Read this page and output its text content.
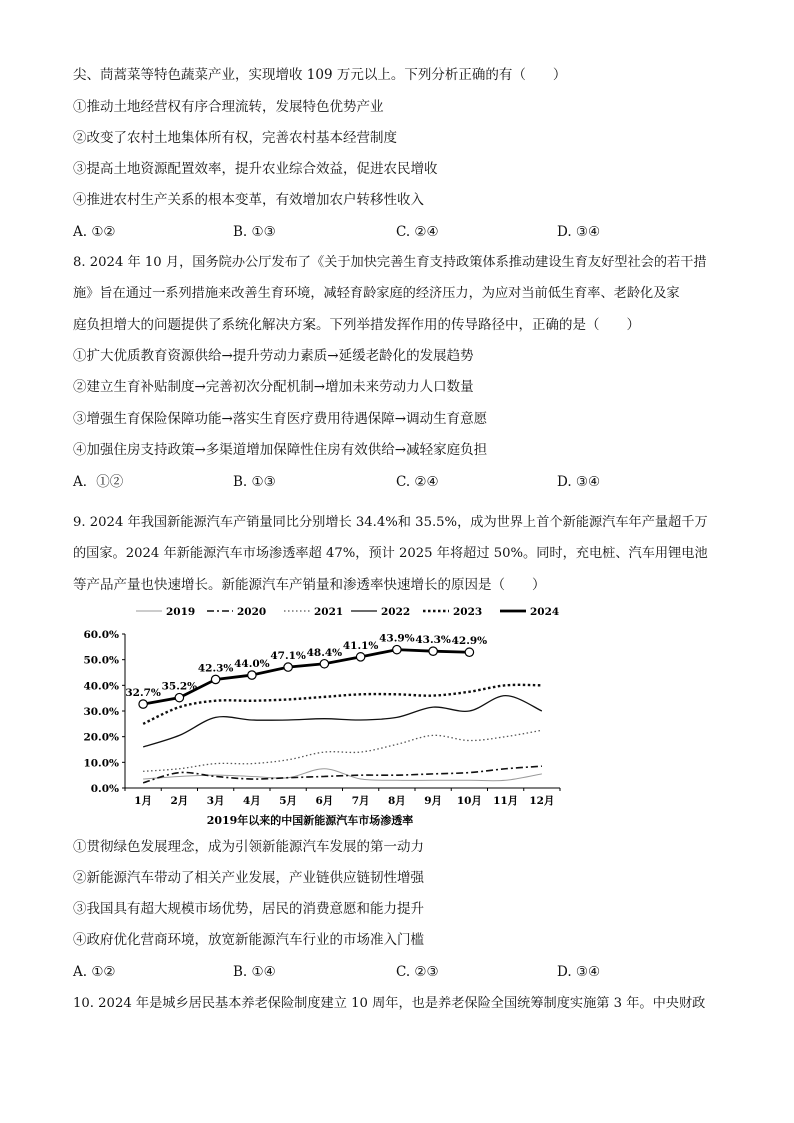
尖、茼蒿菜等特色蔬菜产业，实现增收 109 万元以上。下列分析正确的有（　　）
①推动土地经营权有序合理流转，发展特色优势产业
②改变了农村土地集体所有权，完善农村基本经营制度
③提高土地资源配置效率，提升农业综合效益，促进农民增收
④推进农村生产关系的根本变革，有效增加农户转移性收入
A. ①②	B. ①③	C. ②④	D. ③④
8. 2024 年 10 月，国务院办公厅发布了《关于加快完善生育支持政策体系推动建设生育友好型社会的若干措
施》旨在通过一系列措施来改善生育环境，减轻育龄家庭的经济压力，为应对当前低生育率、老龄化及家
庭负担增大的问题提供了系统化解决方案。下列举措发挥作用的传导路径中，正确的是（　　）
①扩大优质教育资源供给→提升劳动力素质→延缓老龄化的发展趋势
②建立生育补贴制度→完善初次分配机制→增加未来劳动力人口数量
③增强生育保险保障功能→落实生育医疗费用待遇保障→调动生育意愿
④加强住房支持政策→多渠道增加保障性住房有效供给→减轻家庭负担
A．①②	B. ①③	C. ②④	D. ③④
9. 2024 年我国新能源汽车产销量同比分别增长 34.4%和 35.5%，成为世界上首个新能源汽车年产量超千万
的国家。2024 年新能源汽车市场渗透率超 47%，预计 2025 年将超过 50%。同时，充电桩、汽车用锂电池
等产品产量也快速增长。新能源汽车产销量和渗透率快速增长的原因是（　　）
2019	2020	2021	2022	2023	2024
0.0%
10.0%
20.0%
30.0%
40.0%
50.0%
60.0%
1月 2月 3月 4月 5月 6月 7月 8月 9月 10月 11月 12月
32.7%
35.2%
42.3% 44.0%
47.1% 48.4%
41.1%
43.9% 43.3% 42.9%
2019年以来的中国新能源汽车市场渗透率
①贯彻绿色发展理念，成为引领新能源汽车发展的第一动力
②新能源汽车带动了相关产业发展，产业链供应链韧性增强
③我国具有超大规模市场优势，居民的消费意愿和能力提升
④政府优化营商环境，放宽新能源汽车行业的市场准入门槛
A. ①②	B. ①④	C. ②③	D. ③④
10. 2024 年是城乡居民基本养老保险制度建立 10 周年，也是养老保险全国统筹制度实施第 3 年。中央财政
